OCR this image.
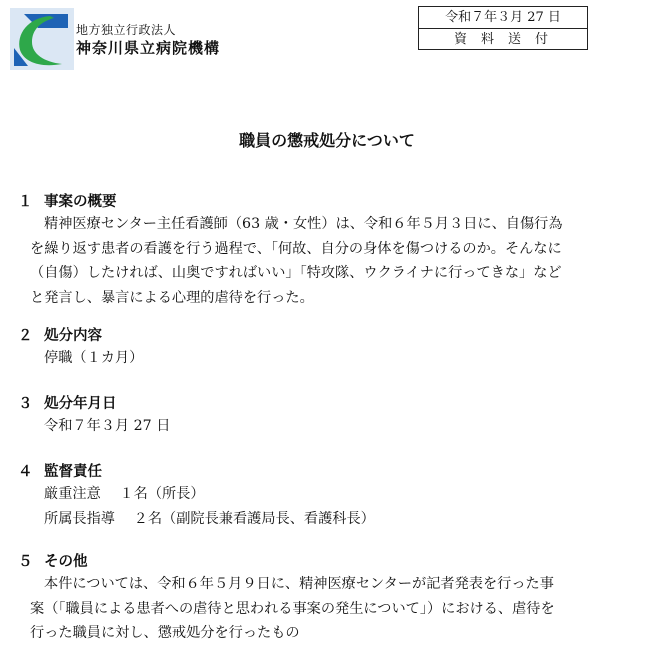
地方独立行政法人
神奈川県立病院機構
令和７年３月 27 日
資料送付
職員の懲戒処分について
１ 事案の概要
精神医療センター主任看護師（63 歳・女性）は、令和６年５月３日に、自傷行為
を繰り返す患者の看護を行う過程で、「何故、自分の身体を傷つけるのか。そんなに
（自傷）したければ、山奥ですればいい」「特攻隊、ウクライナに行ってきな」など
と発言し、暴言による心理的虐待を行った。
２ 処分内容
停職（１カ月）
３ 処分年月日
令和７年３月 27 日
４ 監督責任
厳重注意　 １名（所長）
所属長指導　 ２名（副院長兼看護局長、看護科長）
５ その他
本件については、令和６年５月９日に、精神医療センターが記者発表を行った事
案（「職員による患者への虐待と思われる事案の発生について」）における、虐待を
行った職員に対し、懲戒処分を行ったもの
